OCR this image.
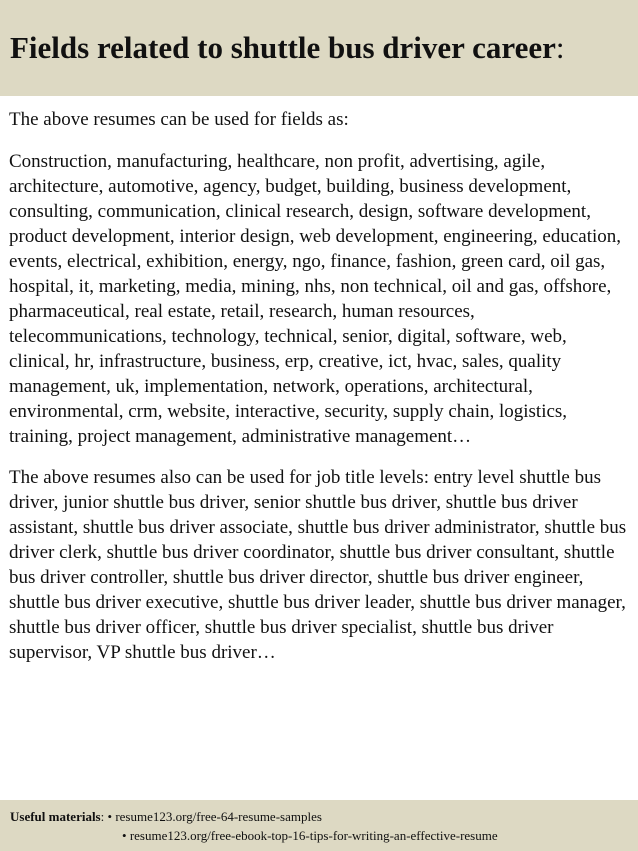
Fields related to shuttle bus driver career:

The above resumes can be used for fields as:

Construction, manufacturing, healthcare, non profit, advertising, agile, architecture, automotive, agency, budget, building, business development, consulting, communication, clinical research, design, software development, product development, interior design, web development, engineering, education, events, electrical, exhibition, energy, ngo, finance, fashion, green card, oil gas, hospital, it, marketing, media, mining, nhs, non technical, oil and gas, offshore, pharmaceutical, real estate, retail, research, human resources, telecommunications, technology, technical, senior, digital, software, web, clinical, hr, infrastructure, business, erp, creative, ict, hvac, sales, quality management, uk, implementation, network, operations, architectural, environmental, crm, website, interactive, security, supply chain, logistics, training, project management, administrative management…

The above resumes also can be used for job title levels: entry level shuttle bus driver, junior shuttle bus driver, senior shuttle bus driver, shuttle bus driver assistant, shuttle bus driver associate, shuttle bus driver administrator, shuttle bus driver clerk, shuttle bus driver coordinator, shuttle bus driver consultant, shuttle bus driver controller, shuttle bus driver director, shuttle bus driver engineer, shuttle bus driver executive, shuttle bus driver leader, shuttle bus driver manager, shuttle bus driver officer, shuttle bus driver specialist, shuttle bus driver supervisor, VP shuttle bus driver…

Useful materials: • resume123.org/free-64-resume-samples
• resume123.org/free-ebook-top-16-tips-for-writing-an-effective-resume
